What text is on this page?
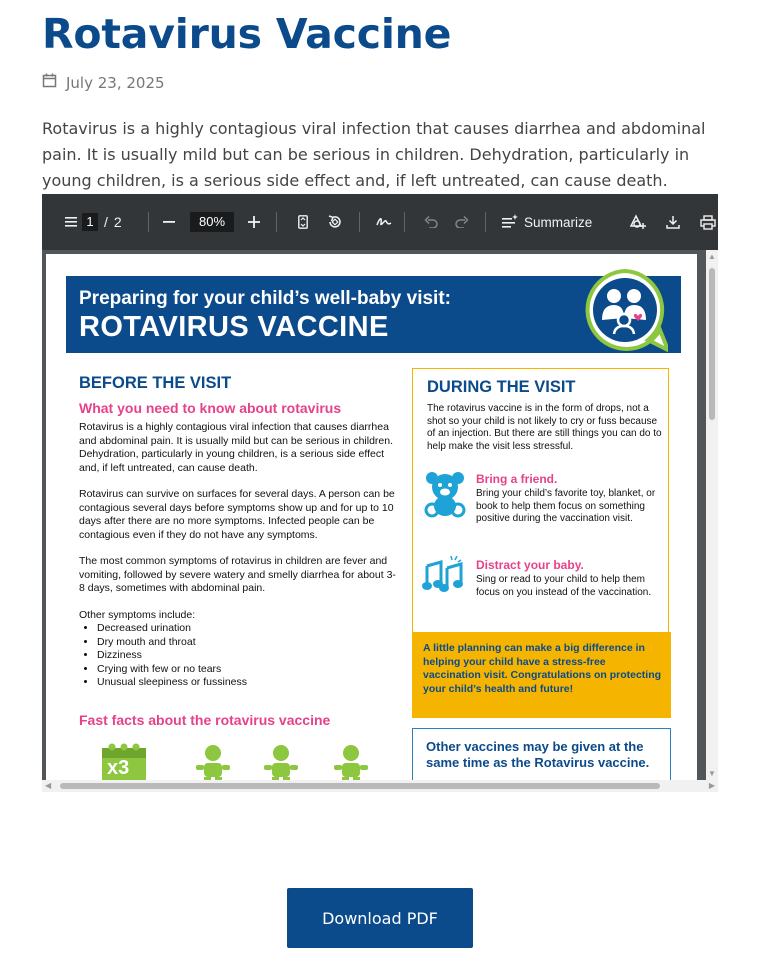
Rotavirus Vaccine
July 23, 2025

Rotavirus is a highly contagious viral infection that causes diarrhea and abdominal pain. It is usually mild but can be serious in children. Dehydration, particularly in young children, is a serious side effect and, if left untreated, can cause death.

1 / 2	80%	Summarize
Preparing for your child’s well-baby visit:
ROTAVIRUS VACCINE
BEFORE THE VISIT
What you need to know about rotavirus

Rotavirus is a highly contagious viral infection that causes diarrhea and abdominal pain. It is usually mild but can be serious in children. Dehydration, particularly in young children, is a serious side effect and, if left untreated, can cause death.

Rotavirus can survive on surfaces for several days. A person can be contagious several days before symptoms show up and for up to 10 days after there are no more symptoms. Infected people can be contagious even if they do not have any symptoms.

The most common symptoms of rotavirus in children are fever and vomiting, followed by severe watery and smelly diarrhea for about 3-8 days, sometimes with abdominal pain.

Other symptoms include:
• Decreased urination
• Dry mouth and throat
• Dizziness
• Crying with few or no tears
• Unusual sleepiness or fussiness
Fast facts about the rotavirus vaccine
x3
DURING THE VISIT
The rotavirus vaccine is in the form of drops, not a shot so your child is not likely to cry or fuss because of an injection. But there are still things you can do to help make the visit less stressful.
Bring a friend.
Bring your child’s favorite toy, blanket, or book to help them focus on something positive during the vaccination visit.
Distract your baby.
Sing or read to your child to help them focus on you instead of the vaccination.
A little planning can make a big difference in helping your child have a stress-free vaccination visit. Congratulations on protecting your child’s health and future!
Other vaccines may be given at the same time as the Rotavirus vaccine.
▲
▼
◀	▶
Download PDF
